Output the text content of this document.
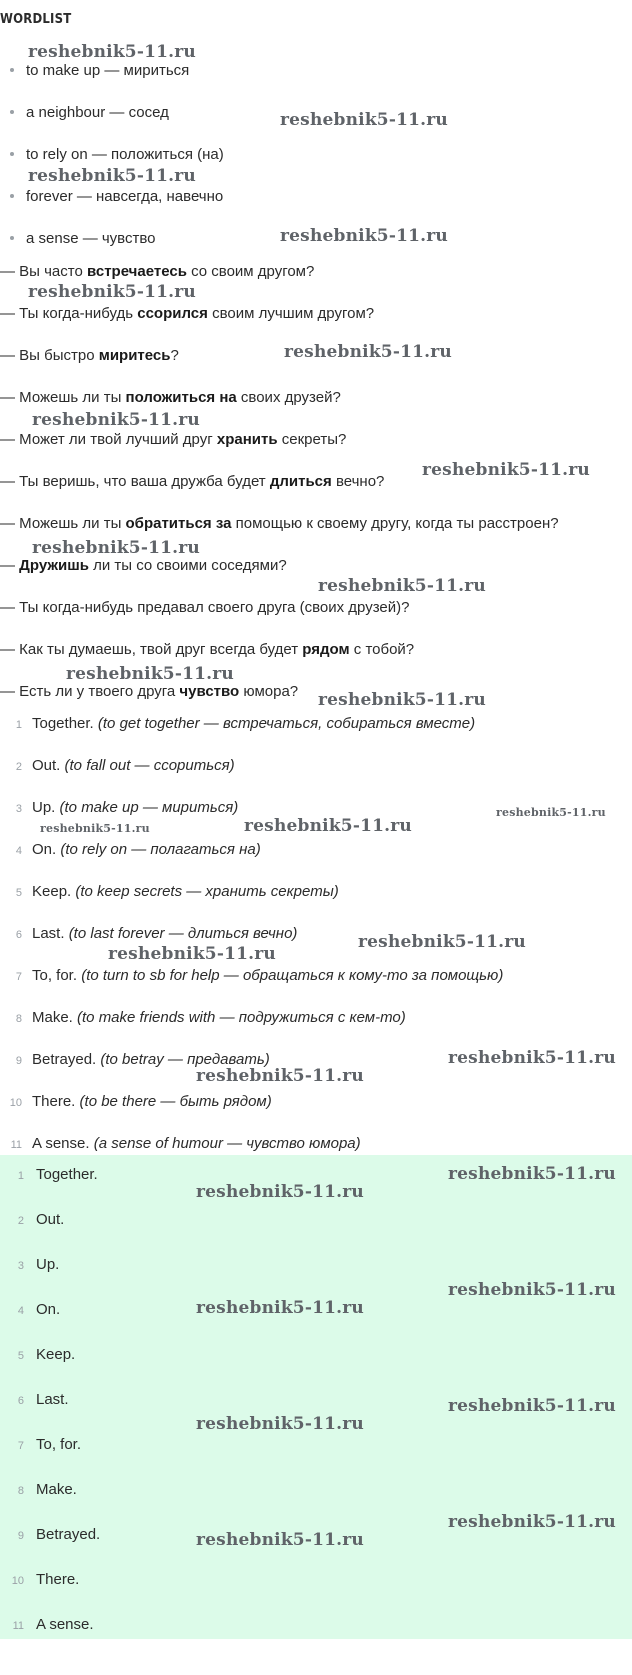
WORDLIST
to make up — мириться
a neighbour — сосед
to rely on — положиться (на)
forever — навсегда, навечно
a sense — чувство
— Вы часто встречаетесь со своим другом?
— Ты когда-нибудь ссорился своим лучшим другом?
— Вы быстро миритесь?
— Можешь ли ты положиться на своих друзей?
— Может ли твой лучший друг хранить секреты?
— Ты веришь, что ваша дружба будет длиться вечно?
— Можешь ли ты обратиться за помощью к своему другу, когда ты расстроен?
— Дружишь ли ты со своими соседями?
— Ты когда-нибудь предавал своего друга (своих друзей)?
— Как ты думаешь, твой друг всегда будет рядом с тобой?
— Есть ли у твоего друга чувство юмора?
1 Together. (to get together — встречаться, собираться вместе)
2 Out. (to fall out — ссориться)
3 Up. (to make up — мириться)
4 On. (to rely on — полагаться на)
5 Keep. (to keep secrets — хранить секреты)
6 Last. (to last forever — длиться вечно)
7 To, for. (to turn to sb for help — обращаться к кому-то за помощью)
8 Make. (to make friends with — подружиться с кем-то)
9 Betrayed. (to betray — предавать)
10 There. (to be there — быть рядом)
11 A sense. (a sense of humour — чувство юмора)
1 Together.
2 Out.
3 Up.
4 On.
5 Keep.
6 Last.
7 To, for.
8 Make.
9 Betrayed.
10 There.
11 A sense.
reshebnik5-11.ru
reshebnik5-11.ru
reshebnik5-11.ru
reshebnik5-11.ru
reshebnik5-11.ru
reshebnik5-11.ru
reshebnik5-11.ru
reshebnik5-11.ru
reshebnik5-11.ru
reshebnik5-11.ru
reshebnik5-11.ru
reshebnik5-11.ru
reshebnik5-11.ru
reshebnik5-11.ru
reshebnik5-11.ru
reshebnik5-11.ru
reshebnik5-11.ru
reshebnik5-11.ru
reshebnik5-11.ru
reshebnik5-11.ru
reshebnik5-11.ru
reshebnik5-11.ru
reshebnik5-11.ru
reshebnik5-11.ru
reshebnik5-11.ru
reshebnik5-11.ru
reshebnik5-11.ru
